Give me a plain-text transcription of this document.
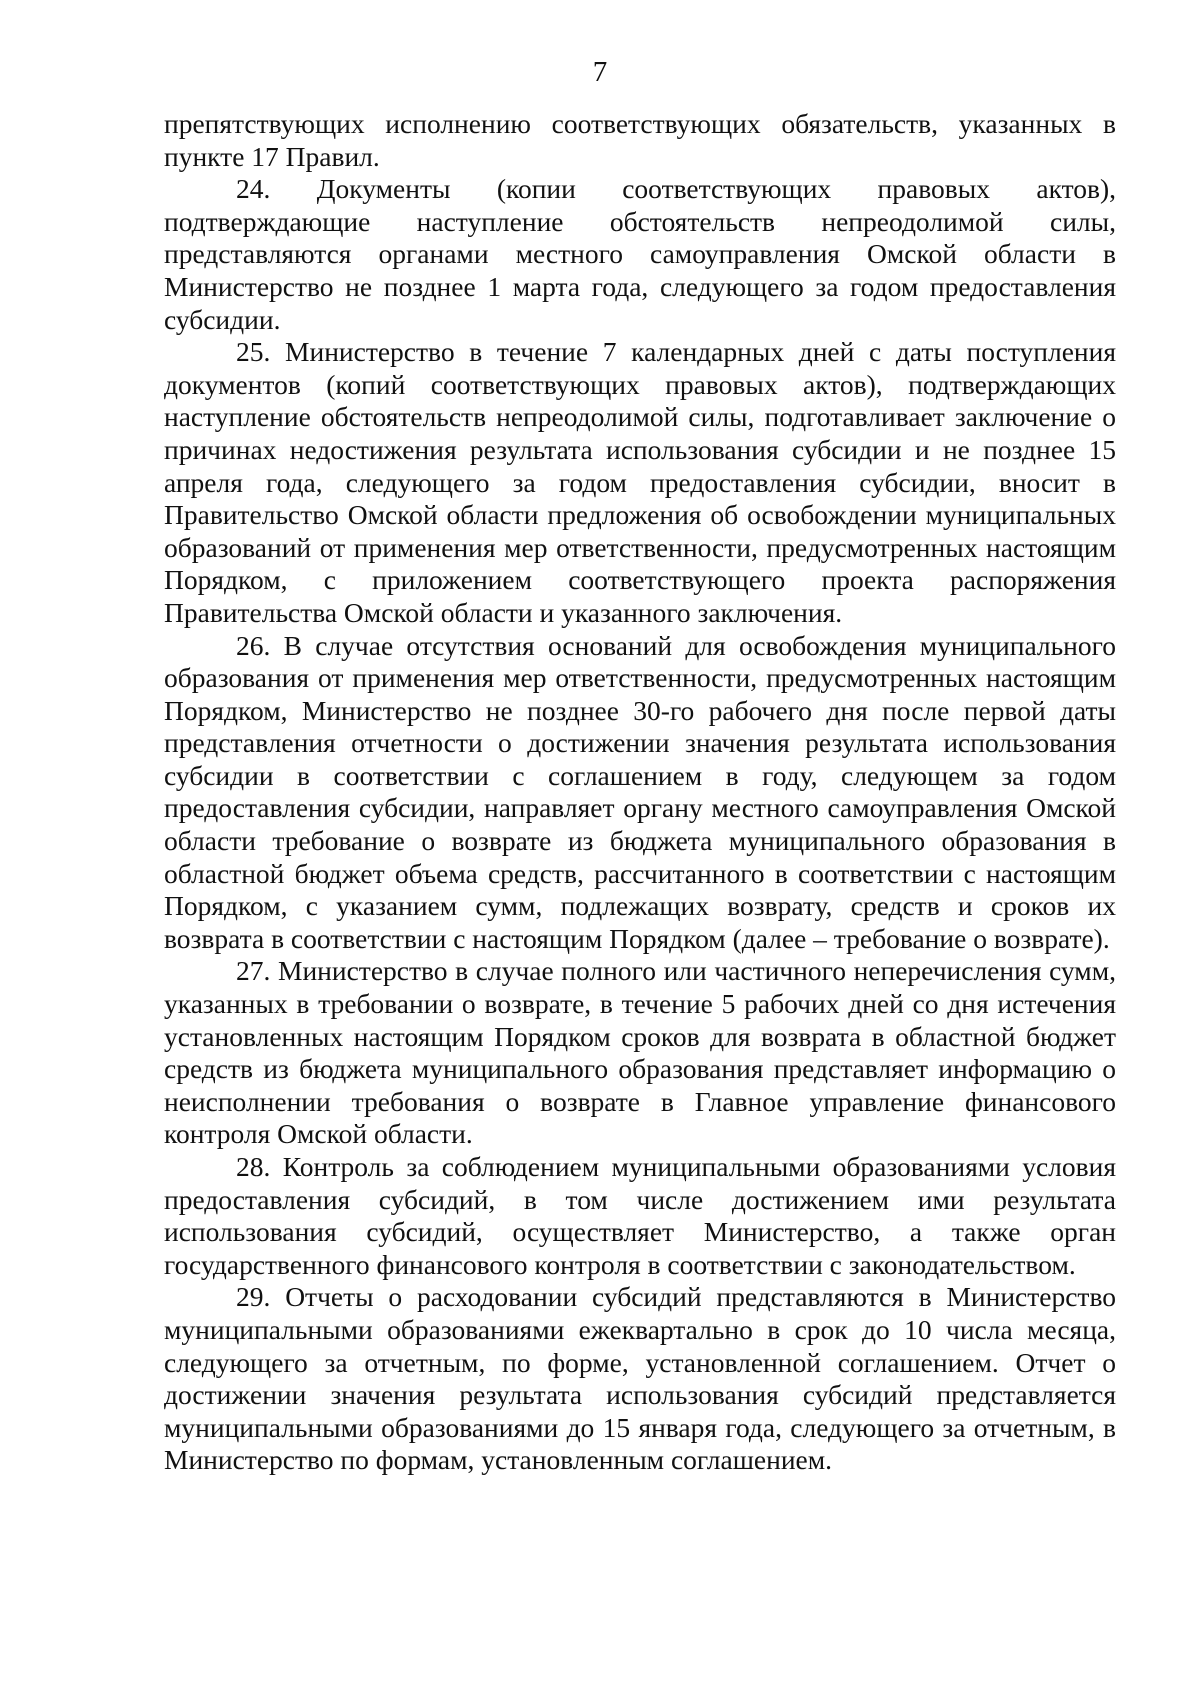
7

препятствующих исполнению соответствующих обязательств, указанных в пункте 17 Правил.

24. Документы (копии соответствующих правовых актов), подтверждающие наступление обстоятельств непреодолимой силы, представляются органами местного самоуправления Омской области в Министерство не позднее 1 марта года, следующего за годом предоставления субсидии.

25. Министерство в течение 7 календарных дней с даты поступления документов (копий соответствующих правовых актов), подтверждающих наступление обстоятельств непреодолимой силы, подготавливает заключение о причинах недостижения результата использования субсидии и не позднее 15 апреля года, следующего за годом предоставления субсидии, вносит в Правительство Омской области предложения об освобождении муниципальных образований от применения мер ответственности, предусмотренных настоящим Порядком, с приложением соответствующего проекта распоряжения Правительства Омской области и указанного заключения.

26. В случае отсутствия оснований для освобождения муниципального образования от применения мер ответственности, предусмотренных настоящим Порядком, Министерство не позднее 30-го рабочего дня после первой даты представления отчетности о достижении значения результата использования субсидии в соответствии с соглашением в году, следующем за годом предоставления субсидии, направляет органу местного самоуправления Омской области требование о возврате из бюджета муниципального образования в областной бюджет объема средств, рассчитанного в соответствии с настоящим Порядком, с указанием сумм, подлежащих возврату, средств и сроков их возврата в соответствии с настоящим Порядком (далее – требование о возврате).

27. Министерство в случае полного или частичного неперечисления сумм, указанных в требовании о возврате, в течение 5 рабочих дней со дня истечения установленных настоящим Порядком сроков для возврата в областной бюджет средств из бюджета муниципального образования представляет информацию о неисполнении требования о возврате в Главное управление финансового контроля Омской области.

28. Контроль за соблюдением муниципальными образованиями условия предоставления субсидий, в том числе достижением ими результата использования субсидий, осуществляет Министерство, а также орган государственного финансового контроля в соответствии с законодательством.

29. Отчеты о расходовании субсидий представляются в Министерство муниципальными образованиями ежеквартально в срок до 10 числа месяца, следующего за отчетным, по форме, установленной соглашением. Отчет о достижении значения результата использования субсидий представляется муниципальными образованиями до 15 января года, следующего за отчетным, в Министерство по формам, установленным соглашением.
